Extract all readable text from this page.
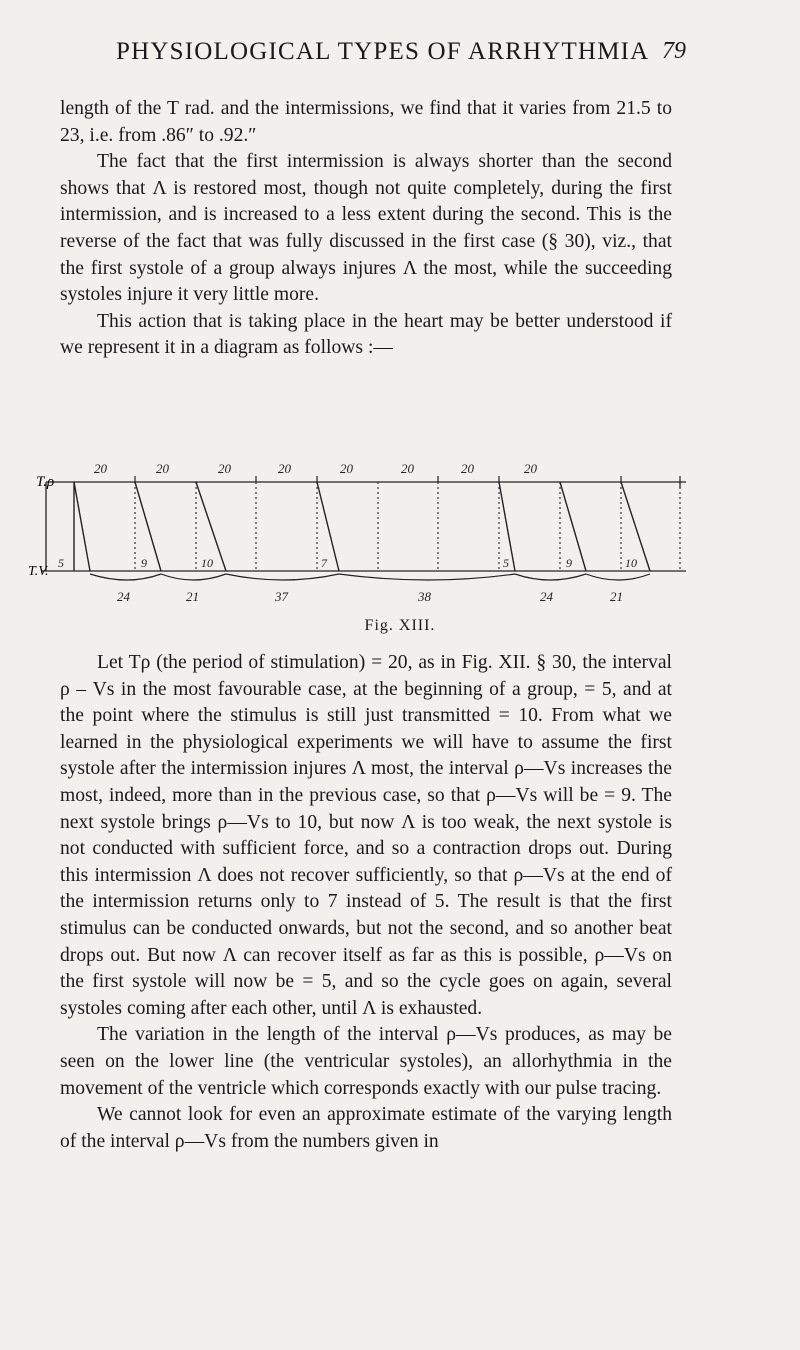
PHYSIOLOGICAL TYPES OF ARRHYTHMIA 79

length of the T rad. and the intermissions, we find that it varies from 21.5 to 23, i.e. from .86″ to .92.″

The fact that the first intermission is always shorter than the second shows that Λ is restored most, though not quite completely, during the first intermission, and is increased to a less extent during the second. This is the reverse of the fact that was fully discussed in the first case (§ 30), viz., that the first systole of a group always injures Λ the most, while the succeeding systoles injure it very little more.

This action that is taking place in the heart may be better understood if we represent it in a diagram as follows :—

T.ρ
T.V.
20	20	20	20	20	20	20	20
5	9	10	7	5	9	10
24	21	37	38	24	21
Fig. XIII.

Let Tρ (the period of stimulation) = 20, as in Fig. XII. § 30, the interval ρ – Vs in the most favourable case, at the beginning of a group, = 5, and at the point where the stimulus is still just transmitted = 10. From what we learned in the physiological experiments we will have to assume the first systole after the intermission injures Λ most, the interval ρ—Vs increases the most, indeed, more than in the previous case, so that ρ—Vs will be = 9. The next systole brings ρ—Vs to 10, but now Λ is too weak, the next systole is not conducted with sufficient force, and so a contraction drops out. During this intermission Λ does not recover sufficiently, so that ρ—Vs at the end of the intermission returns only to 7 instead of 5. The result is that the first stimulus can be conducted onwards, but not the second, and so another beat drops out. But now Λ can recover itself as far as this is possible, ρ—Vs on the first systole will now be = 5, and so the cycle goes on again, several systoles coming after each other, until Λ is exhausted.

The variation in the length of the interval ρ—Vs produces, as may be seen on the lower line (the ventricular systoles), an allorhythmia in the movement of the ventricle which corresponds exactly with our pulse tracing.

We cannot look for even an approximate estimate of the varying length of the interval ρ—Vs from the numbers given in
